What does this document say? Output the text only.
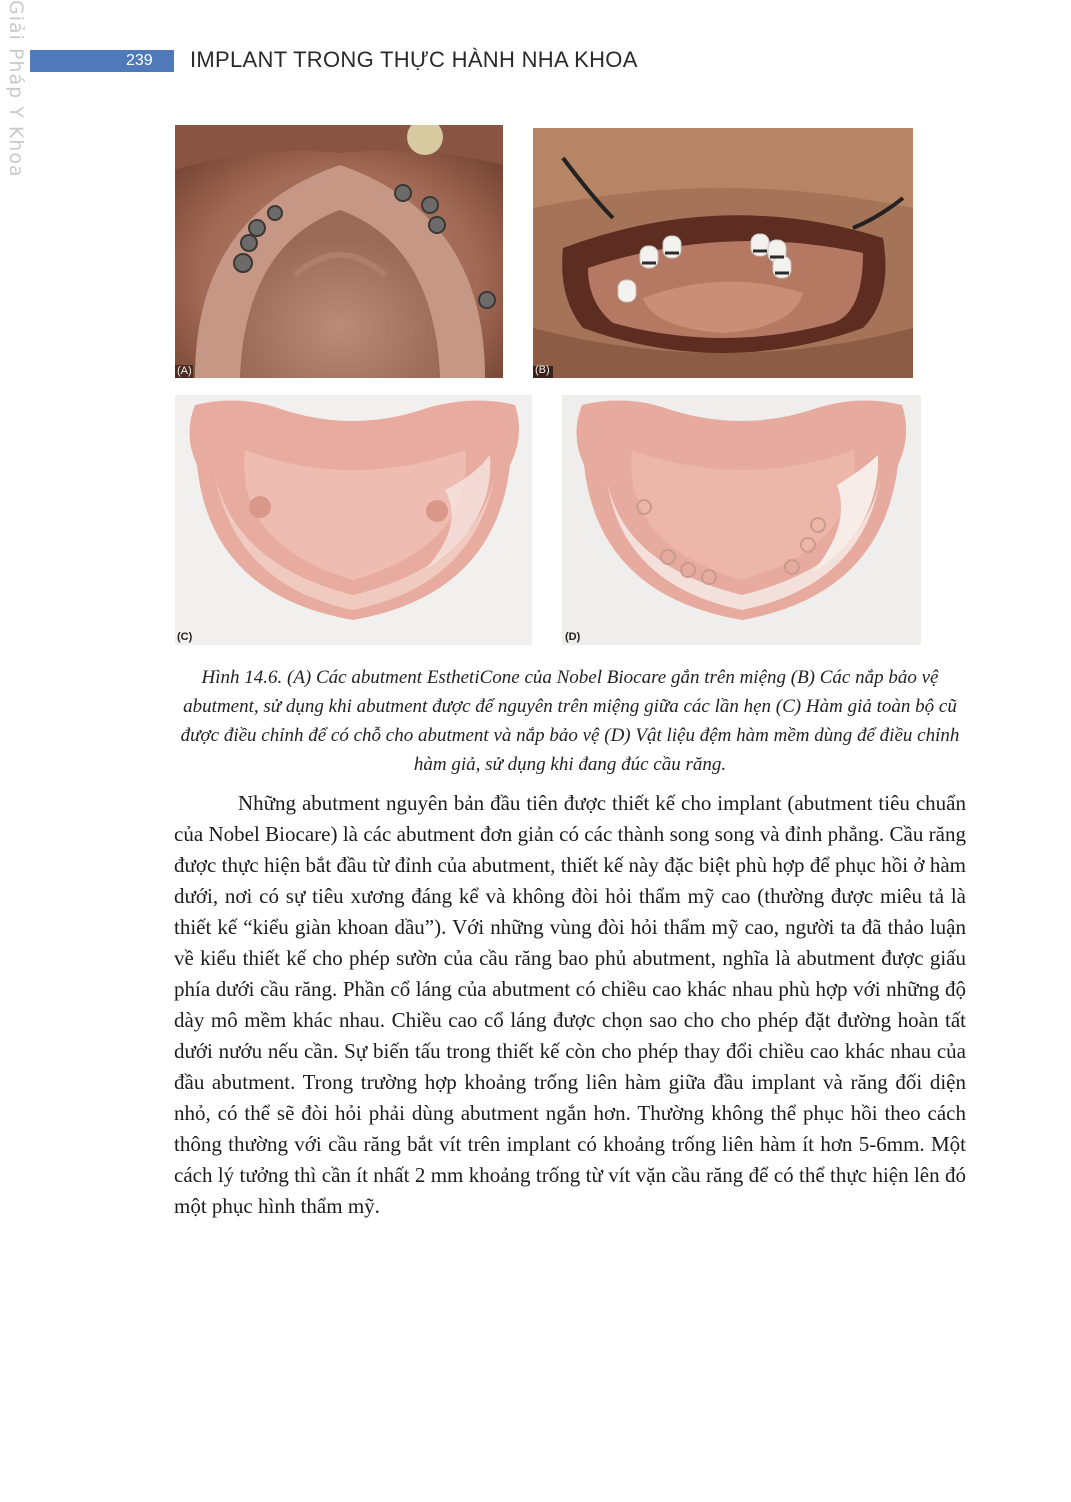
Giải Pháp Y Khoa	239	IMPLANT TRONG THỰC HÀNH NHA KHOA
(A)	(B)
(C)	(D)
Hình 14.6. (A) Các abutment EsthetiCone của Nobel Biocare gắn trên miệng (B) Các nắp bảo vệ abutment, sử dụng khi abutment được để nguyên trên miệng giữa các lần hẹn (C) Hàm giả toàn bộ cũ được điều chỉnh để có chỗ cho abutment và nắp bảo vệ (D) Vật liệu đệm hàm mềm dùng để điều chỉnh hàm giả, sử dụng khi đang đúc cầu răng.

Những abutment nguyên bản đầu tiên được thiết kế cho implant (abutment tiêu chuẩn của Nobel Biocare) là các abutment đơn giản có các thành song song và đỉnh phẳng. Cầu răng được thực hiện bắt đầu từ đỉnh của abutment, thiết kế này đặc biệt phù hợp để phục hồi ở hàm dưới, nơi có sự tiêu xương đáng kể và không đòi hỏi thẩm mỹ cao (thường được miêu tả là thiết kế “kiểu giàn khoan dầu”). Với những vùng đòi hỏi thẩm mỹ cao, người ta đã thảo luận về kiểu thiết kế cho phép sườn của cầu răng bao phủ abutment, nghĩa là abutment được giấu phía dưới cầu răng. Phần cổ láng của abutment có chiều cao khác nhau phù hợp với những độ dày mô mềm khác nhau. Chiều cao cổ láng được chọn sao cho cho phép đặt đường hoàn tất dưới nướu nếu cần. Sự biến tấu trong thiết kế còn cho phép thay đổi chiều cao khác nhau của đầu abutment. Trong trường hợp khoảng trống liên hàm giữa đầu implant và răng đối diện nhỏ, có thể sẽ đòi hỏi phải dùng abutment ngắn hơn. Thường không thể phục hồi theo cách thông thường với cầu răng bắt vít trên implant có khoảng trống liên hàm ít hơn 5-6mm. Một cách lý tưởng thì cần ít nhất 2 mm khoảng trống từ vít vặn cầu răng để có thể thực hiện lên đó một phục hình thẩm mỹ.
